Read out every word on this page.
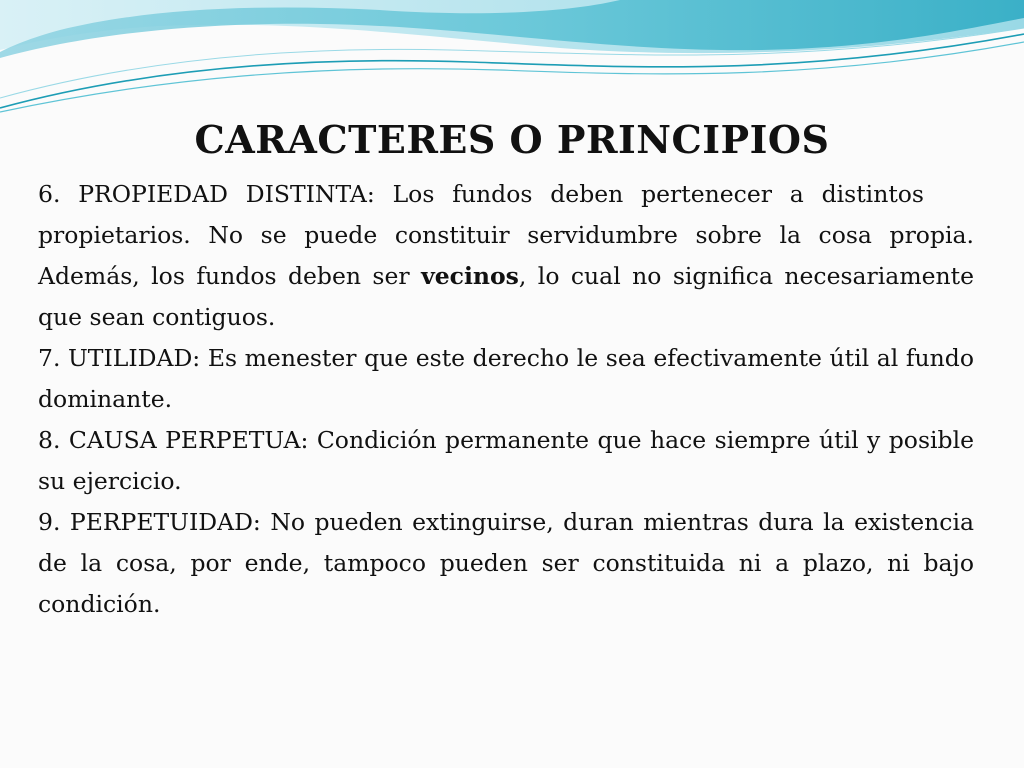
CARACTERES O PRINCIPIOS

6. PROPIEDAD DISTINTA: Los fundos deben pertenecer a distintospropietarios. No se puede constituir servidumbre sobre la cosa propia. Además, los fundos deben ser vecinos, lo cual no significa necesariamente que sean contiguos.

7. UTILIDAD: Es menester que este derecho le sea efectivamente útil al fundo dominante.

8. CAUSA PERPETUA: Condición permanente que hace siempre útil y posible su ejercicio.

9. PERPETUIDAD: No pueden extinguirse, duran mientras dura la existencia de la cosa, por ende, tampoco pueden ser constituida ni a plazo, ni bajo condición.
